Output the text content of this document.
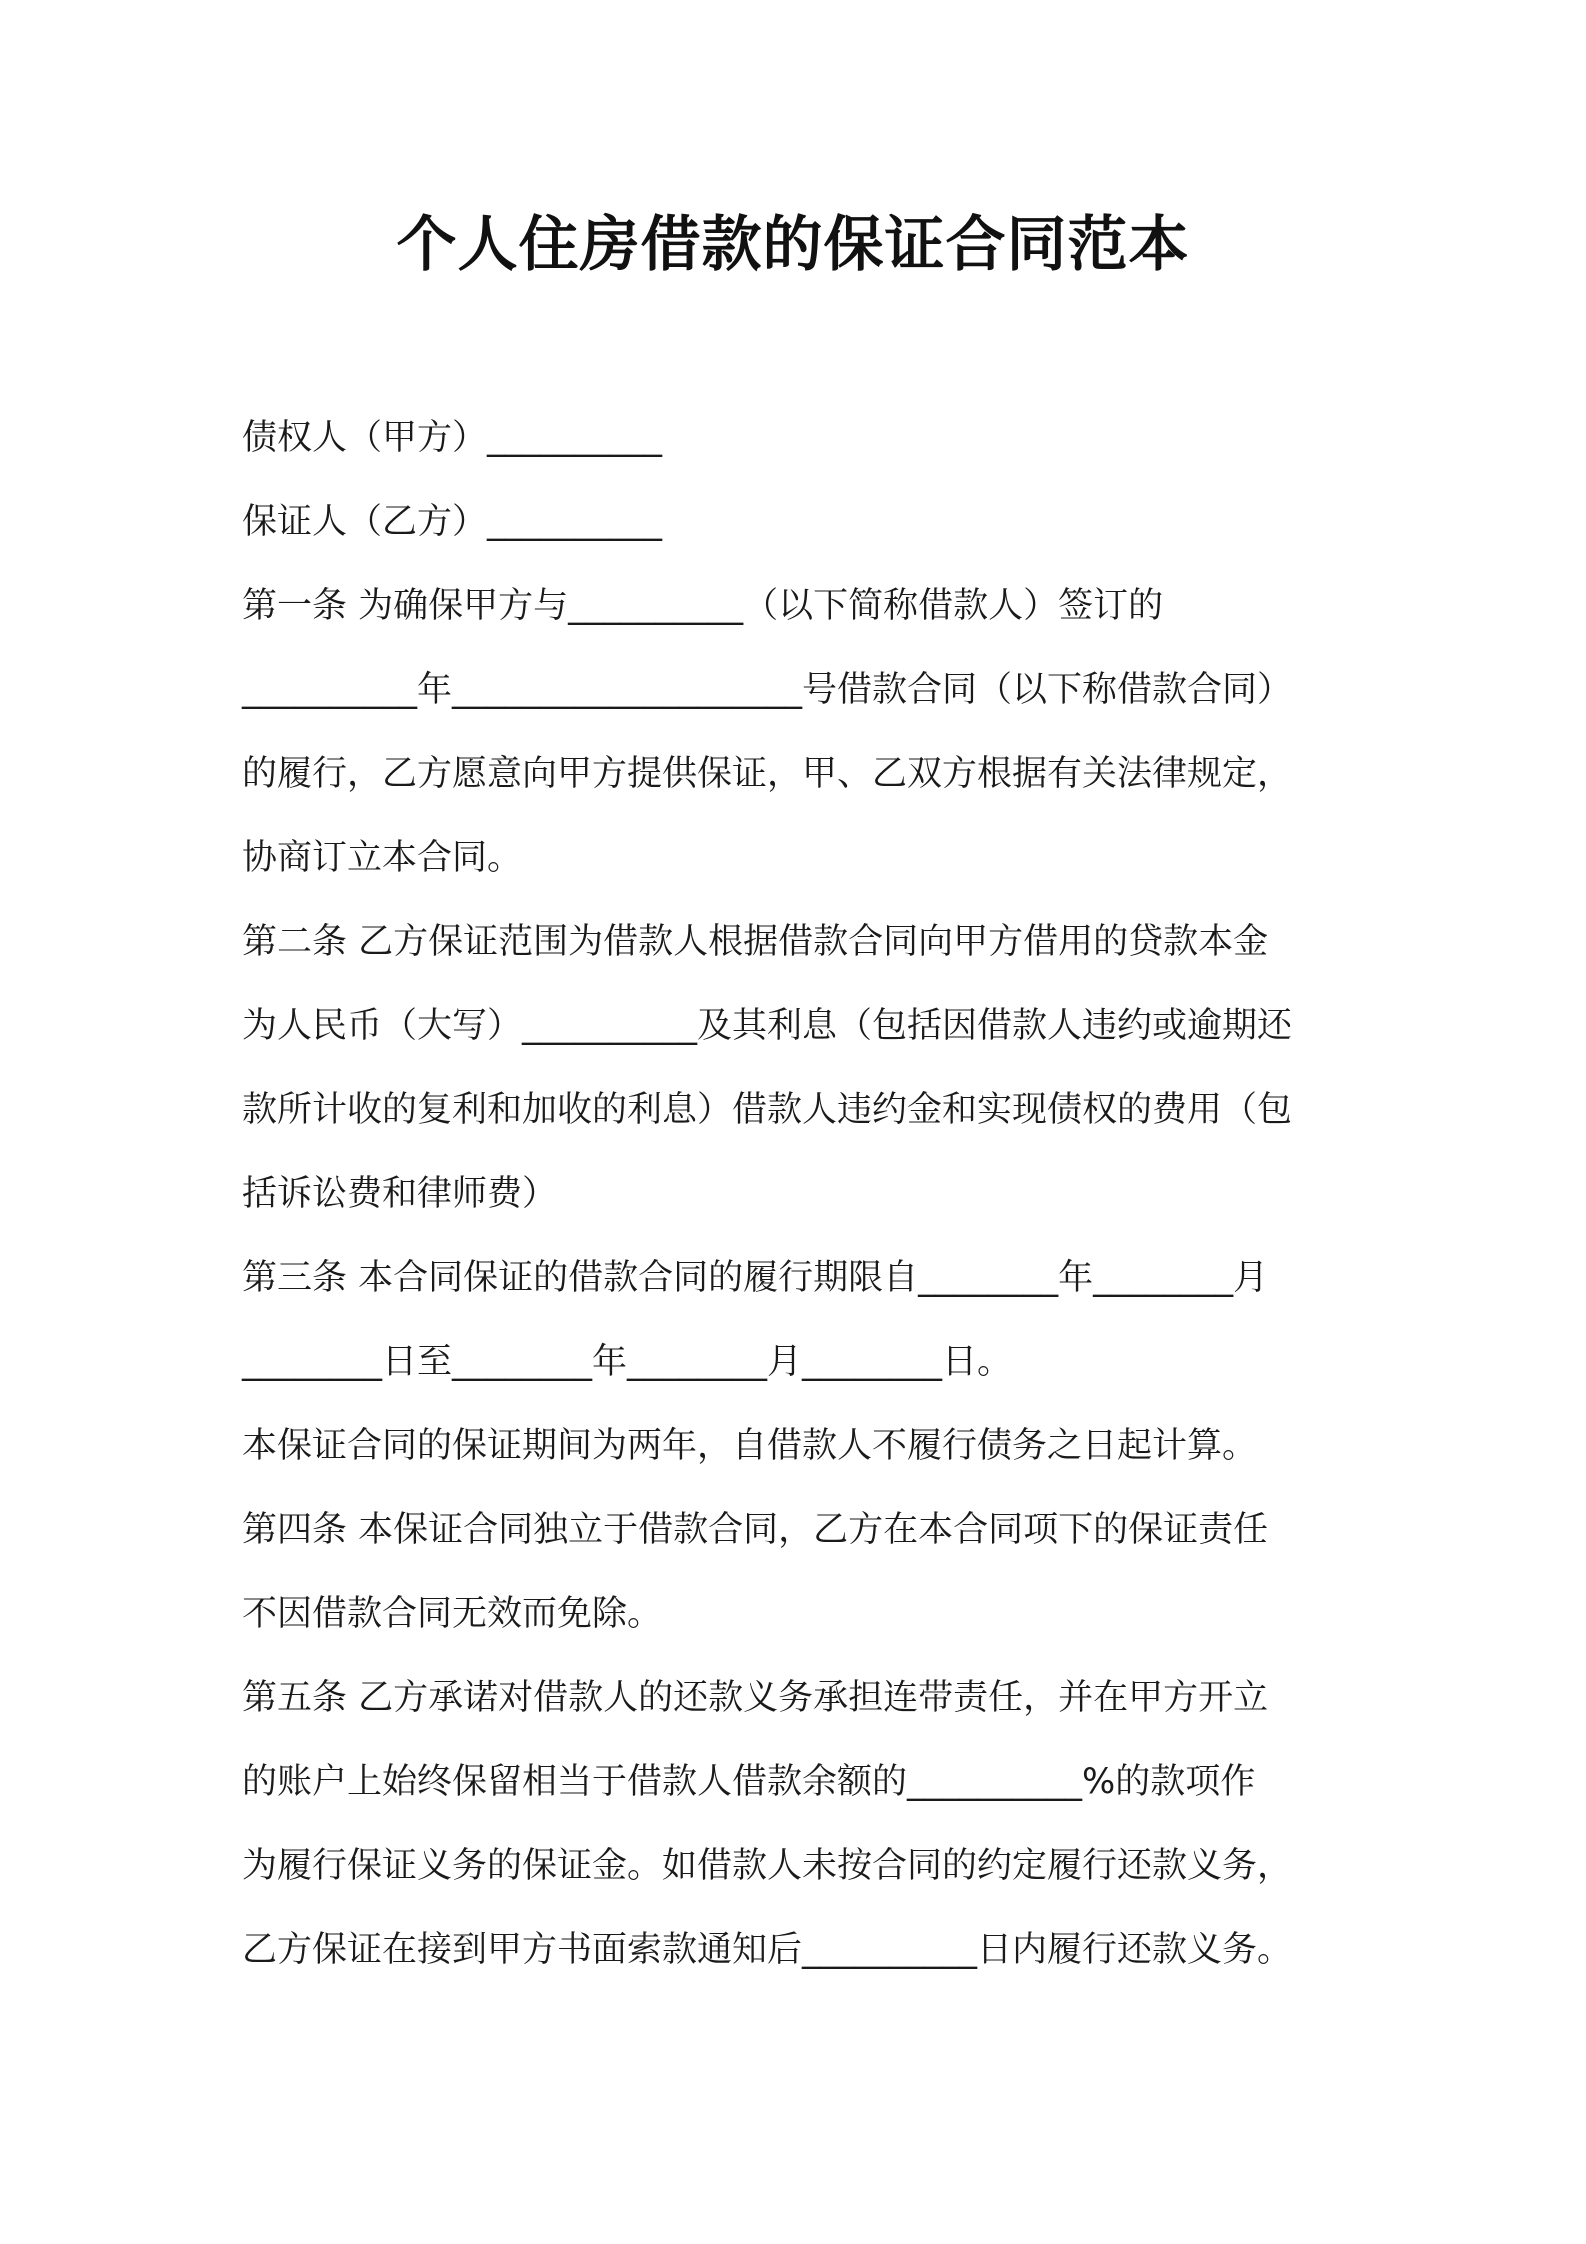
个人住房借款的保证合同范本
债权人（甲方）__________
保证人（乙方）__________
第一条 为确保甲方与__________（以下简称借款人）签订的
__________年____________________号借款合同（以下称借款合同）
的履行，乙方愿意向甲方提供保证，甲、乙双方根据有关法律规定，
协商订立本合同。
第二条 乙方保证范围为借款人根据借款合同向甲方借用的贷款本金
为人民币（大写）__________及其利息（包括因借款人违约或逾期还
款所计收的复利和加收的利息）借款人违约金和实现债权的费用（包
括诉讼费和律师费）
第三条 本合同保证的借款合同的履行期限自________年________月
________日至________年________月________日。
本保证合同的保证期间为两年，自借款人不履行债务之日起计算。
第四条 本保证合同独立于借款合同，乙方在本合同项下的保证责任
不因借款合同无效而免除。
第五条 乙方承诺对借款人的还款义务承担连带责任，并在甲方开立
的账户上始终保留相当于借款人借款余额的__________%的款项作
为履行保证义务的保证金。如借款人未按合同的约定履行还款义务，
乙方保证在接到甲方书面索款通知后__________日内履行还款义务。
